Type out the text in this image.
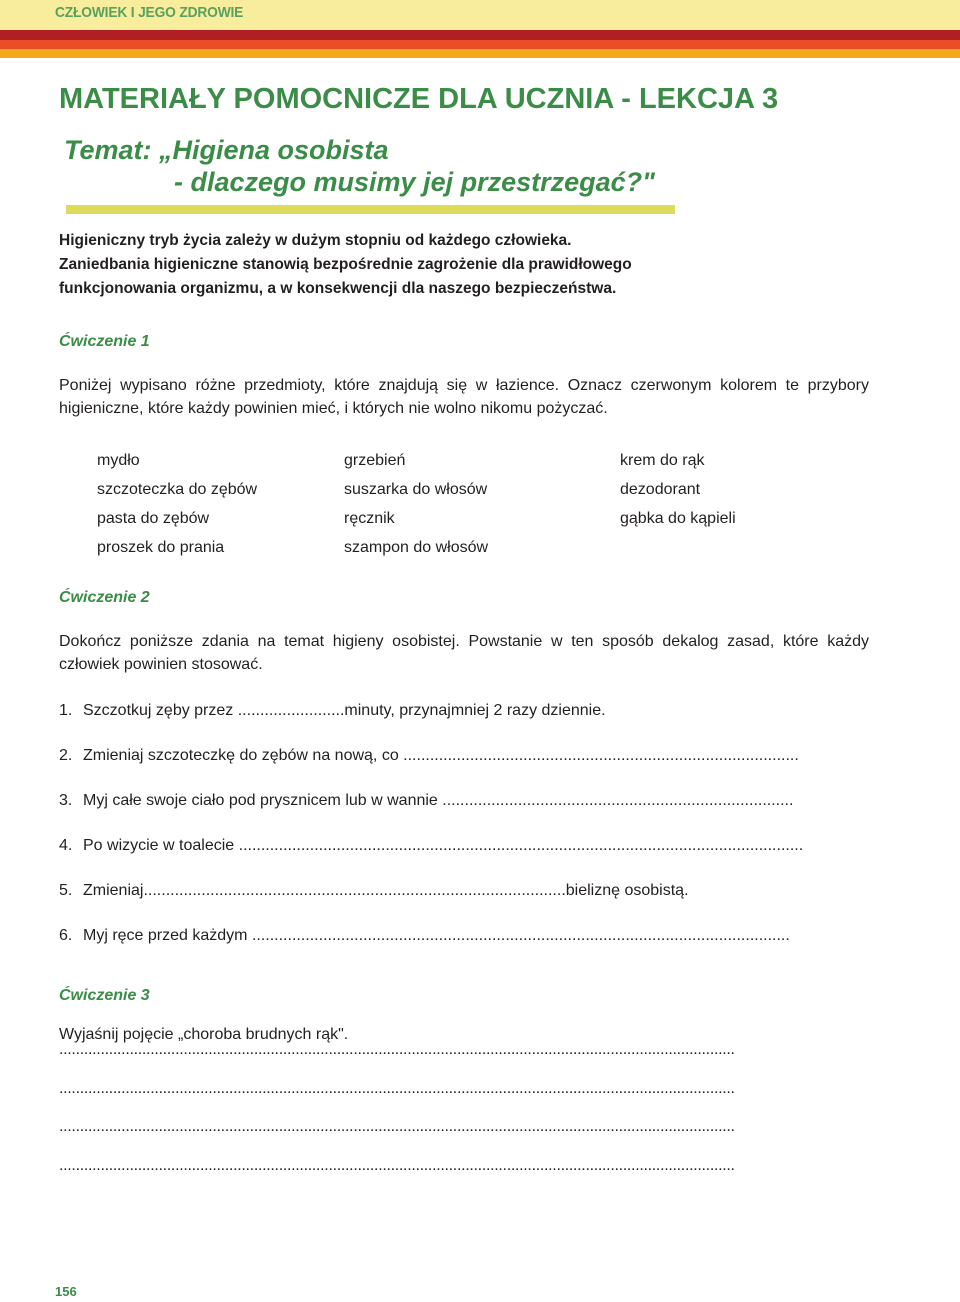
CZŁOWIEK I JEGO ZDROWIE
MATERIAŁY POMOCNICZE DLA UCZNIA - LEKCJA 3
Temat: „Higiena osobista
- dlaczego musimy jej przestrzegać?"

Higieniczny tryb życia zależy w dużym stopniu od każdego człowieka.

Zaniedbania higieniczne stanowią bezpośrednie zagrożenie dla prawidłowego

funkcjonowania organizmu, a w konsekwencji dla naszego bezpieczeństwa.

Ćwiczenie 1
Poniżej wypisano różne przedmioty, które znajdują się w łazience. Oznacz czerwonym kolorem te przybory higieniczne, które każdy powinien mieć, i których nie wolno nikomu pożyczać.
mydło	grzebień	krem do rąk
szczoteczka do zębów	suszarka do włosów	dezodorant
pasta do zębów	ręcznik	gąbka do kąpieli
proszek do prania	szampon do włosów
Ćwiczenie 2
Dokończ poniższe zdania na temat higieny osobistej. Powstanie w ten sposób dekalog zasad, które każdy człowiek powinien stosować.
1. Szczotkuj zęby przez ........................minuty, przynajmniej 2 razy dziennie.
2. Zmieniaj szczoteczkę do zębów na nową, co .........................................................................................
3. Myj całe swoje ciało pod prysznicem lub w wannie ...............................................................................
4. Po wizycie w toalecie ...............................................................................................................................
5. Zmieniaj...............................................................................................bieliznę osobistą.
6. Myj ręce przed każdym .........................................................................................................................
Ćwiczenie 3
Wyjaśnij pojęcie „choroba brudnych rąk".
...................................................................................................................................................................
...................................................................................................................................................................
...................................................................................................................................................................
...................................................................................................................................................................
156
